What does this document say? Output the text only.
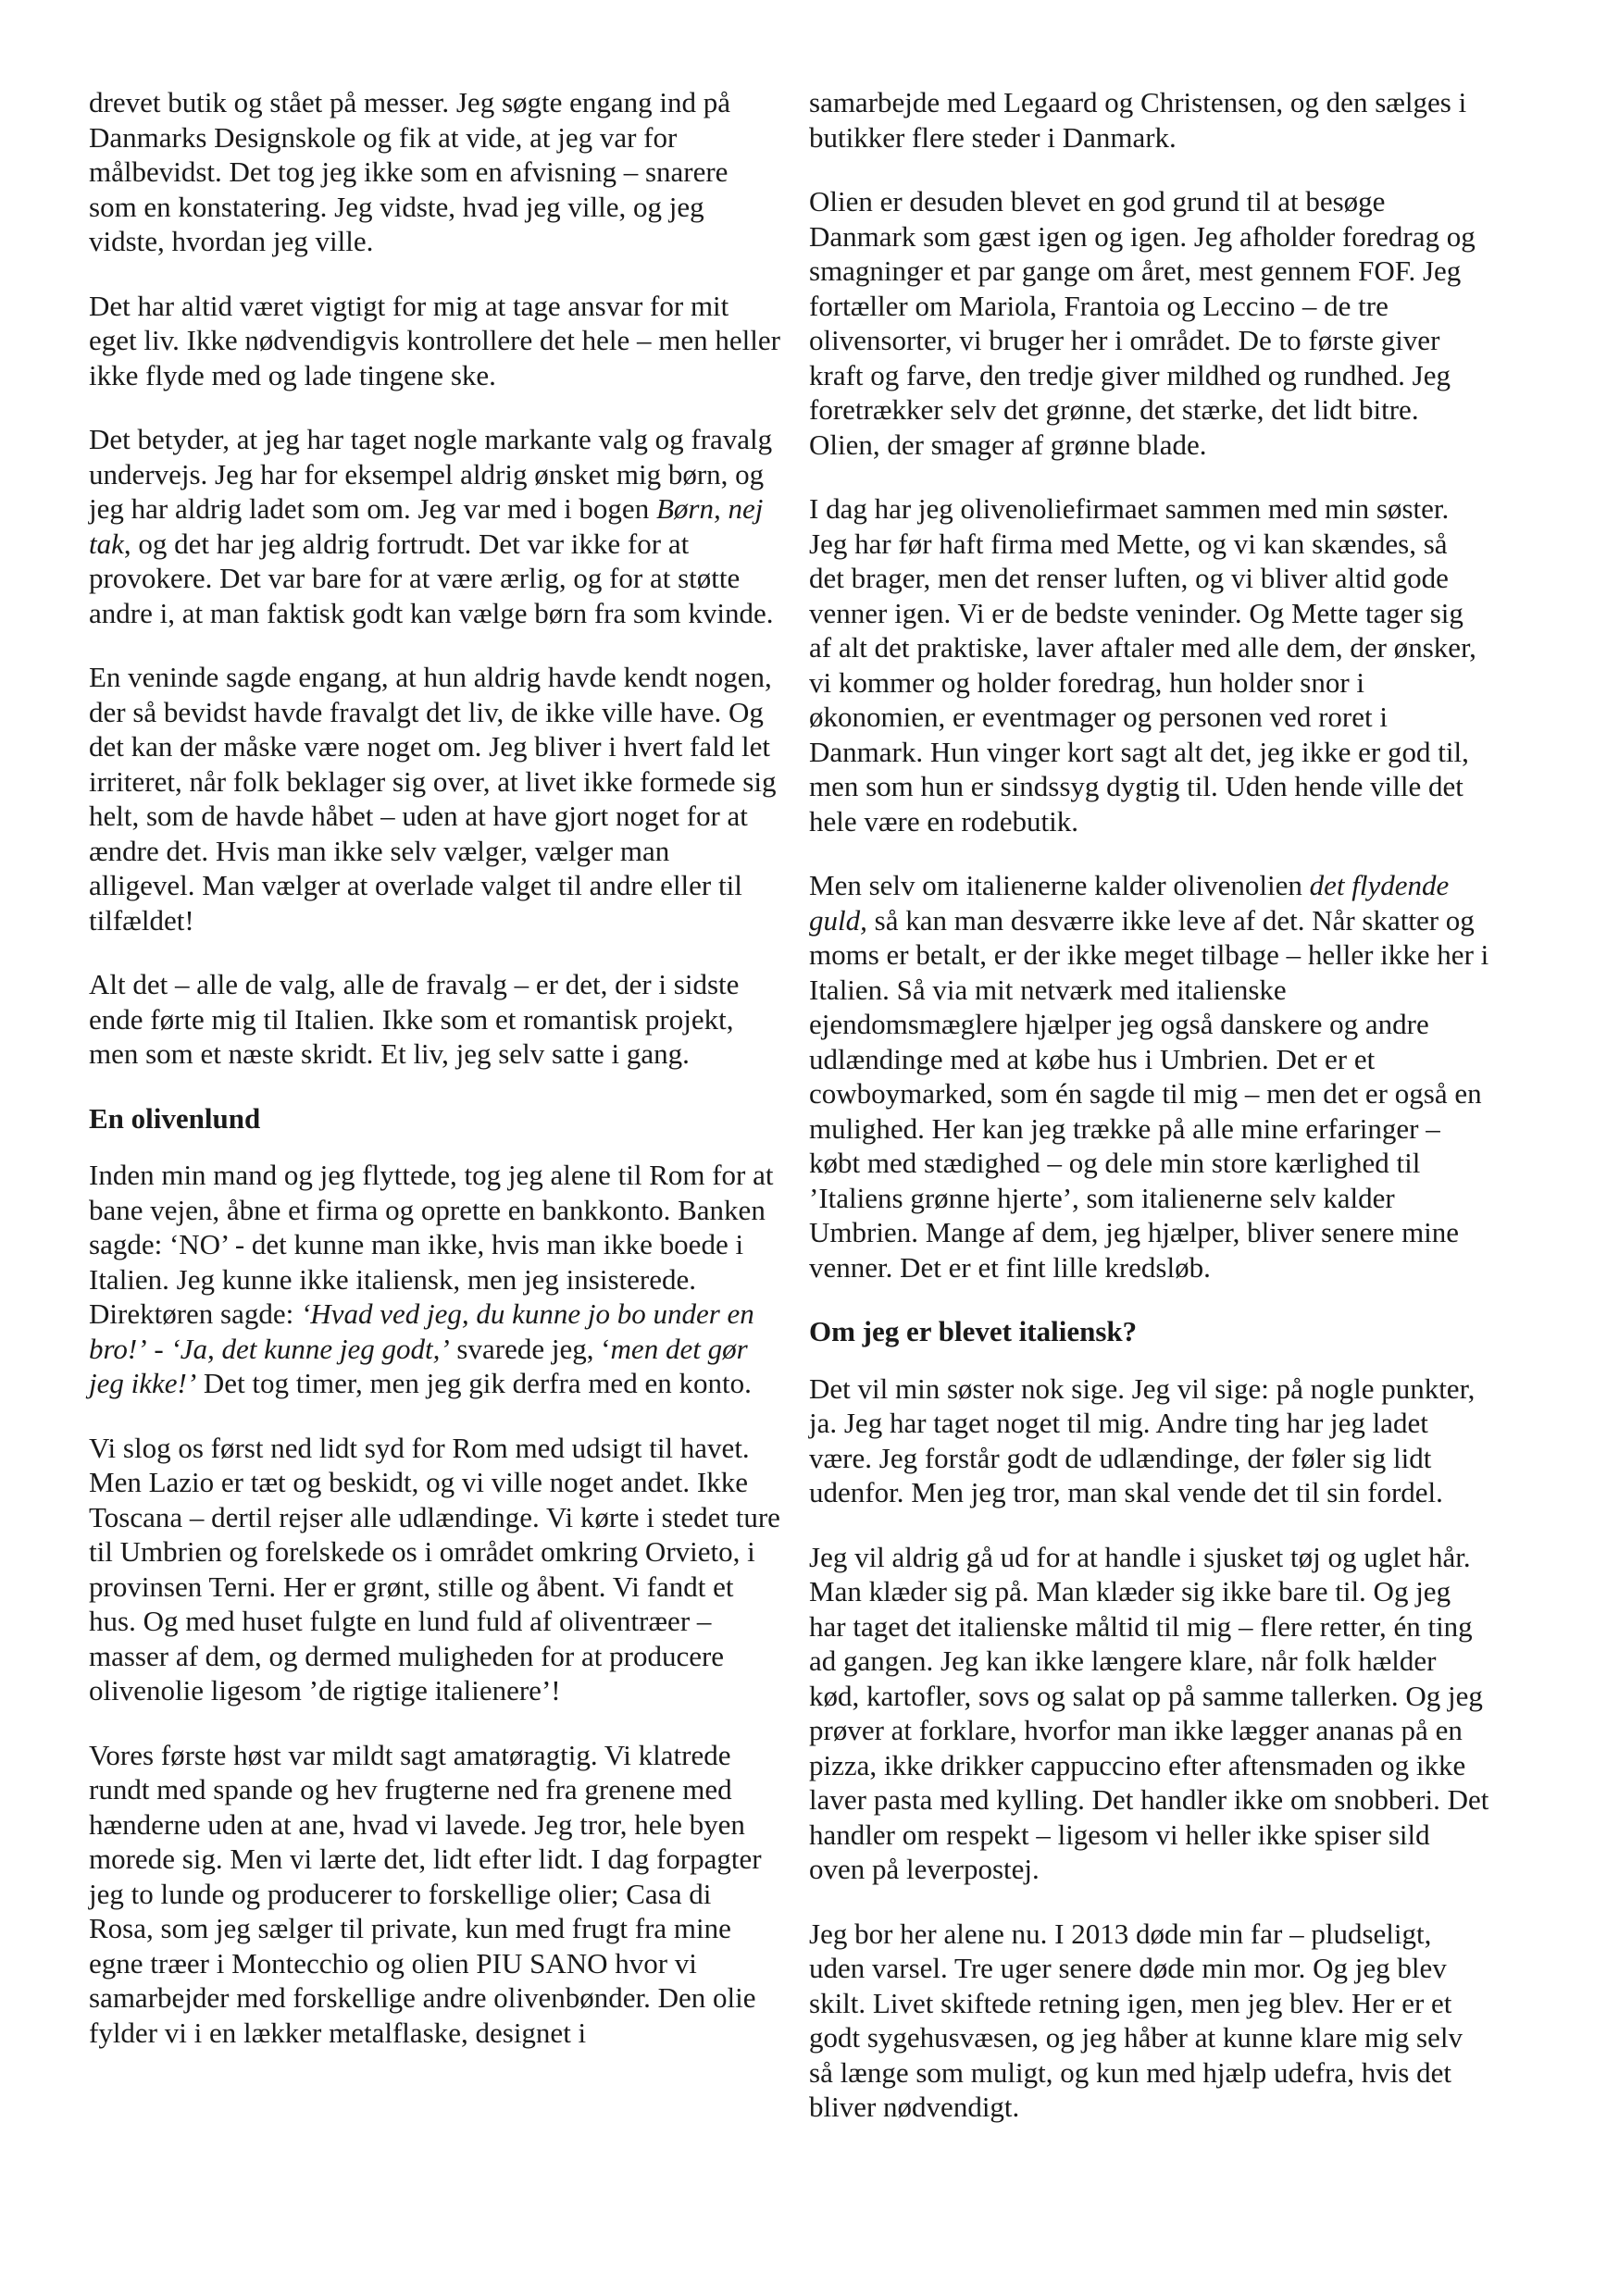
drevet butik og stået på messer. Jeg søgte engang ind på Danmarks Designskole og fik at vide, at jeg var for målbevidst. Det tog jeg ikke som en afvisning – snarere som en konstatering. Jeg vidste, hvad jeg ville, og jeg vidste, hvordan jeg ville.

Det har altid været vigtigt for mig at tage ansvar for mit eget liv. Ikke nødvendigvis kontrollere det hele – men heller ikke flyde med og lade tingene ske.

Det betyder, at jeg har taget nogle markante valg og fravalg undervejs. Jeg har for eksempel aldrig ønsket mig børn, og jeg har aldrig ladet som om. Jeg var med i bogen Børn, nej tak, og det har jeg aldrig fortrudt. Det var ikke for at provokere. Det var bare for at være ærlig, og for at støtte andre i, at man faktisk godt kan vælge børn fra som kvinde.

En veninde sagde engang, at hun aldrig havde kendt nogen, der så bevidst havde fravalgt det liv, de ikke ville have. Og det kan der måske være noget om. Jeg bliver i hvert fald let irriteret, når folk beklager sig over, at livet ikke formede sig helt, som de havde håbet – uden at have gjort noget for at ændre det. Hvis man ikke selv vælger, vælger man alligevel. Man vælger at overlade valget til andre eller til tilfældet!

Alt det – alle de valg, alle de fravalg – er det, der i sidste ende førte mig til Italien. Ikke som et romantisk projekt, men som et næste skridt. Et liv, jeg selv satte i gang.

En olivenlund

Inden min mand og jeg flyttede, tog jeg alene til Rom for at bane vejen, åbne et firma og oprette en bankkonto. Banken sagde: ‘NO’ - det kunne man ikke, hvis man ikke boede i Italien. Jeg kunne ikke italiensk, men jeg insisterede. Direktøren sagde: ‘Hvad ved jeg, du kunne jo bo under en bro!’ - ‘Ja, det kunne jeg godt,’ svarede jeg, ‘men det gør jeg ikke!’ Det tog timer, men jeg gik derfra med en konto.

Vi slog os først ned lidt syd for Rom med udsigt til havet. Men Lazio er tæt og beskidt, og vi ville noget andet. Ikke Toscana – dertil rejser alle udlændinge. Vi kørte i stedet ture til Umbrien og forelskede os i området omkring Orvieto, i provinsen Terni. Her er grønt, stille og åbent. Vi fandt et hus. Og med huset fulgte en lund fuld af oliventræer – masser af dem, og dermed muligheden for at producere olivenolie ligesom ’de rigtige italienere’!

Vores første høst var mildt sagt amatøragtig. Vi klatrede rundt med spande og hev frugterne ned fra grenene med hænderne uden at ane, hvad vi lavede. Jeg tror, hele byen morede sig. Men vi lærte det, lidt efter lidt. I dag forpagter jeg to lunde og producerer to forskellige olier; Casa di Rosa, som jeg sælger til private, kun med frugt fra mine egne træer i Montecchio og olien PIU SANO hvor vi samarbejder med forskellige andre olivenbønder. Den olie fylder vi i en lækker metalflaske, designet i

samarbejde med Legaard og Christensen, og den sælges i butikker flere steder i Danmark.

Olien er desuden blevet en god grund til at besøge Danmark som gæst igen og igen. Jeg afholder foredrag og smagninger et par gange om året, mest gennem FOF. Jeg fortæller om Mariola, Frantoia og Leccino – de tre olivensorter, vi bruger her i området. De to første giver kraft og farve, den tredje giver mildhed og rundhed. Jeg foretrækker selv det grønne, det stærke, det lidt bitre. Olien, der smager af grønne blade.

I dag har jeg olivenoliefirmaet sammen med min søster. Jeg har før haft firma med Mette, og vi kan skændes, så det brager, men det renser luften, og vi bliver altid gode venner igen. Vi er de bedste veninder. Og Mette tager sig af alt det praktiske, laver aftaler med alle dem, der ønsker, vi kommer og holder foredrag, hun holder snor i økonomien, er eventmager og personen ved roret i Danmark. Hun vinger kort sagt alt det, jeg ikke er god til, men som hun er sindssyg dygtig til. Uden hende ville det hele være en rodebutik.

Men selv om italienerne kalder olivenolien det flydende guld, så kan man desværre ikke leve af det. Når skatter og moms er betalt, er der ikke meget tilbage – heller ikke her i Italien. Så via mit netværk med italienske ejendomsmæglere hjælper jeg også danskere og andre udlændinge med at købe hus i Umbrien. Det er et cowboymarked, som én sagde til mig – men det er også en mulighed. Her kan jeg trække på alle mine erfaringer – købt med stædighed – og dele min store kærlighed til ’Italiens grønne hjerte’, som italienerne selv kalder Umbrien. Mange af dem, jeg hjælper, bliver senere mine venner. Det er et fint lille kredsløb.

Om jeg er blevet italiensk?

Det vil min søster nok sige. Jeg vil sige: på nogle punkter, ja. Jeg har taget noget til mig. Andre ting har jeg ladet være. Jeg forstår godt de udlændinge, der føler sig lidt udenfor. Men jeg tror, man skal vende det til sin fordel.

Jeg vil aldrig gå ud for at handle i sjusket tøj og uglet hår. Man klæder sig på. Man klæder sig ikke bare til. Og jeg har taget det italienske måltid til mig – flere retter, én ting ad gangen. Jeg kan ikke længere klare, når folk hælder kød, kartofler, sovs og salat op på samme tallerken. Og jeg prøver at forklare, hvorfor man ikke lægger ananas på en pizza, ikke drikker cappuccino efter aftensmaden og ikke laver pasta med kylling. Det handler ikke om snobberi. Det handler om respekt – ligesom vi heller ikke spiser sild oven på leverpostej.

Jeg bor her alene nu. I 2013 døde min far – pludseligt, uden varsel. Tre uger senere døde min mor. Og jeg blev skilt. Livet skiftede retning igen, men jeg blev. Her er et godt sygehusvæsen, og jeg håber at kunne klare mig selv så længe som muligt, og kun med hjælp udefra, hvis det bliver nødvendigt.
